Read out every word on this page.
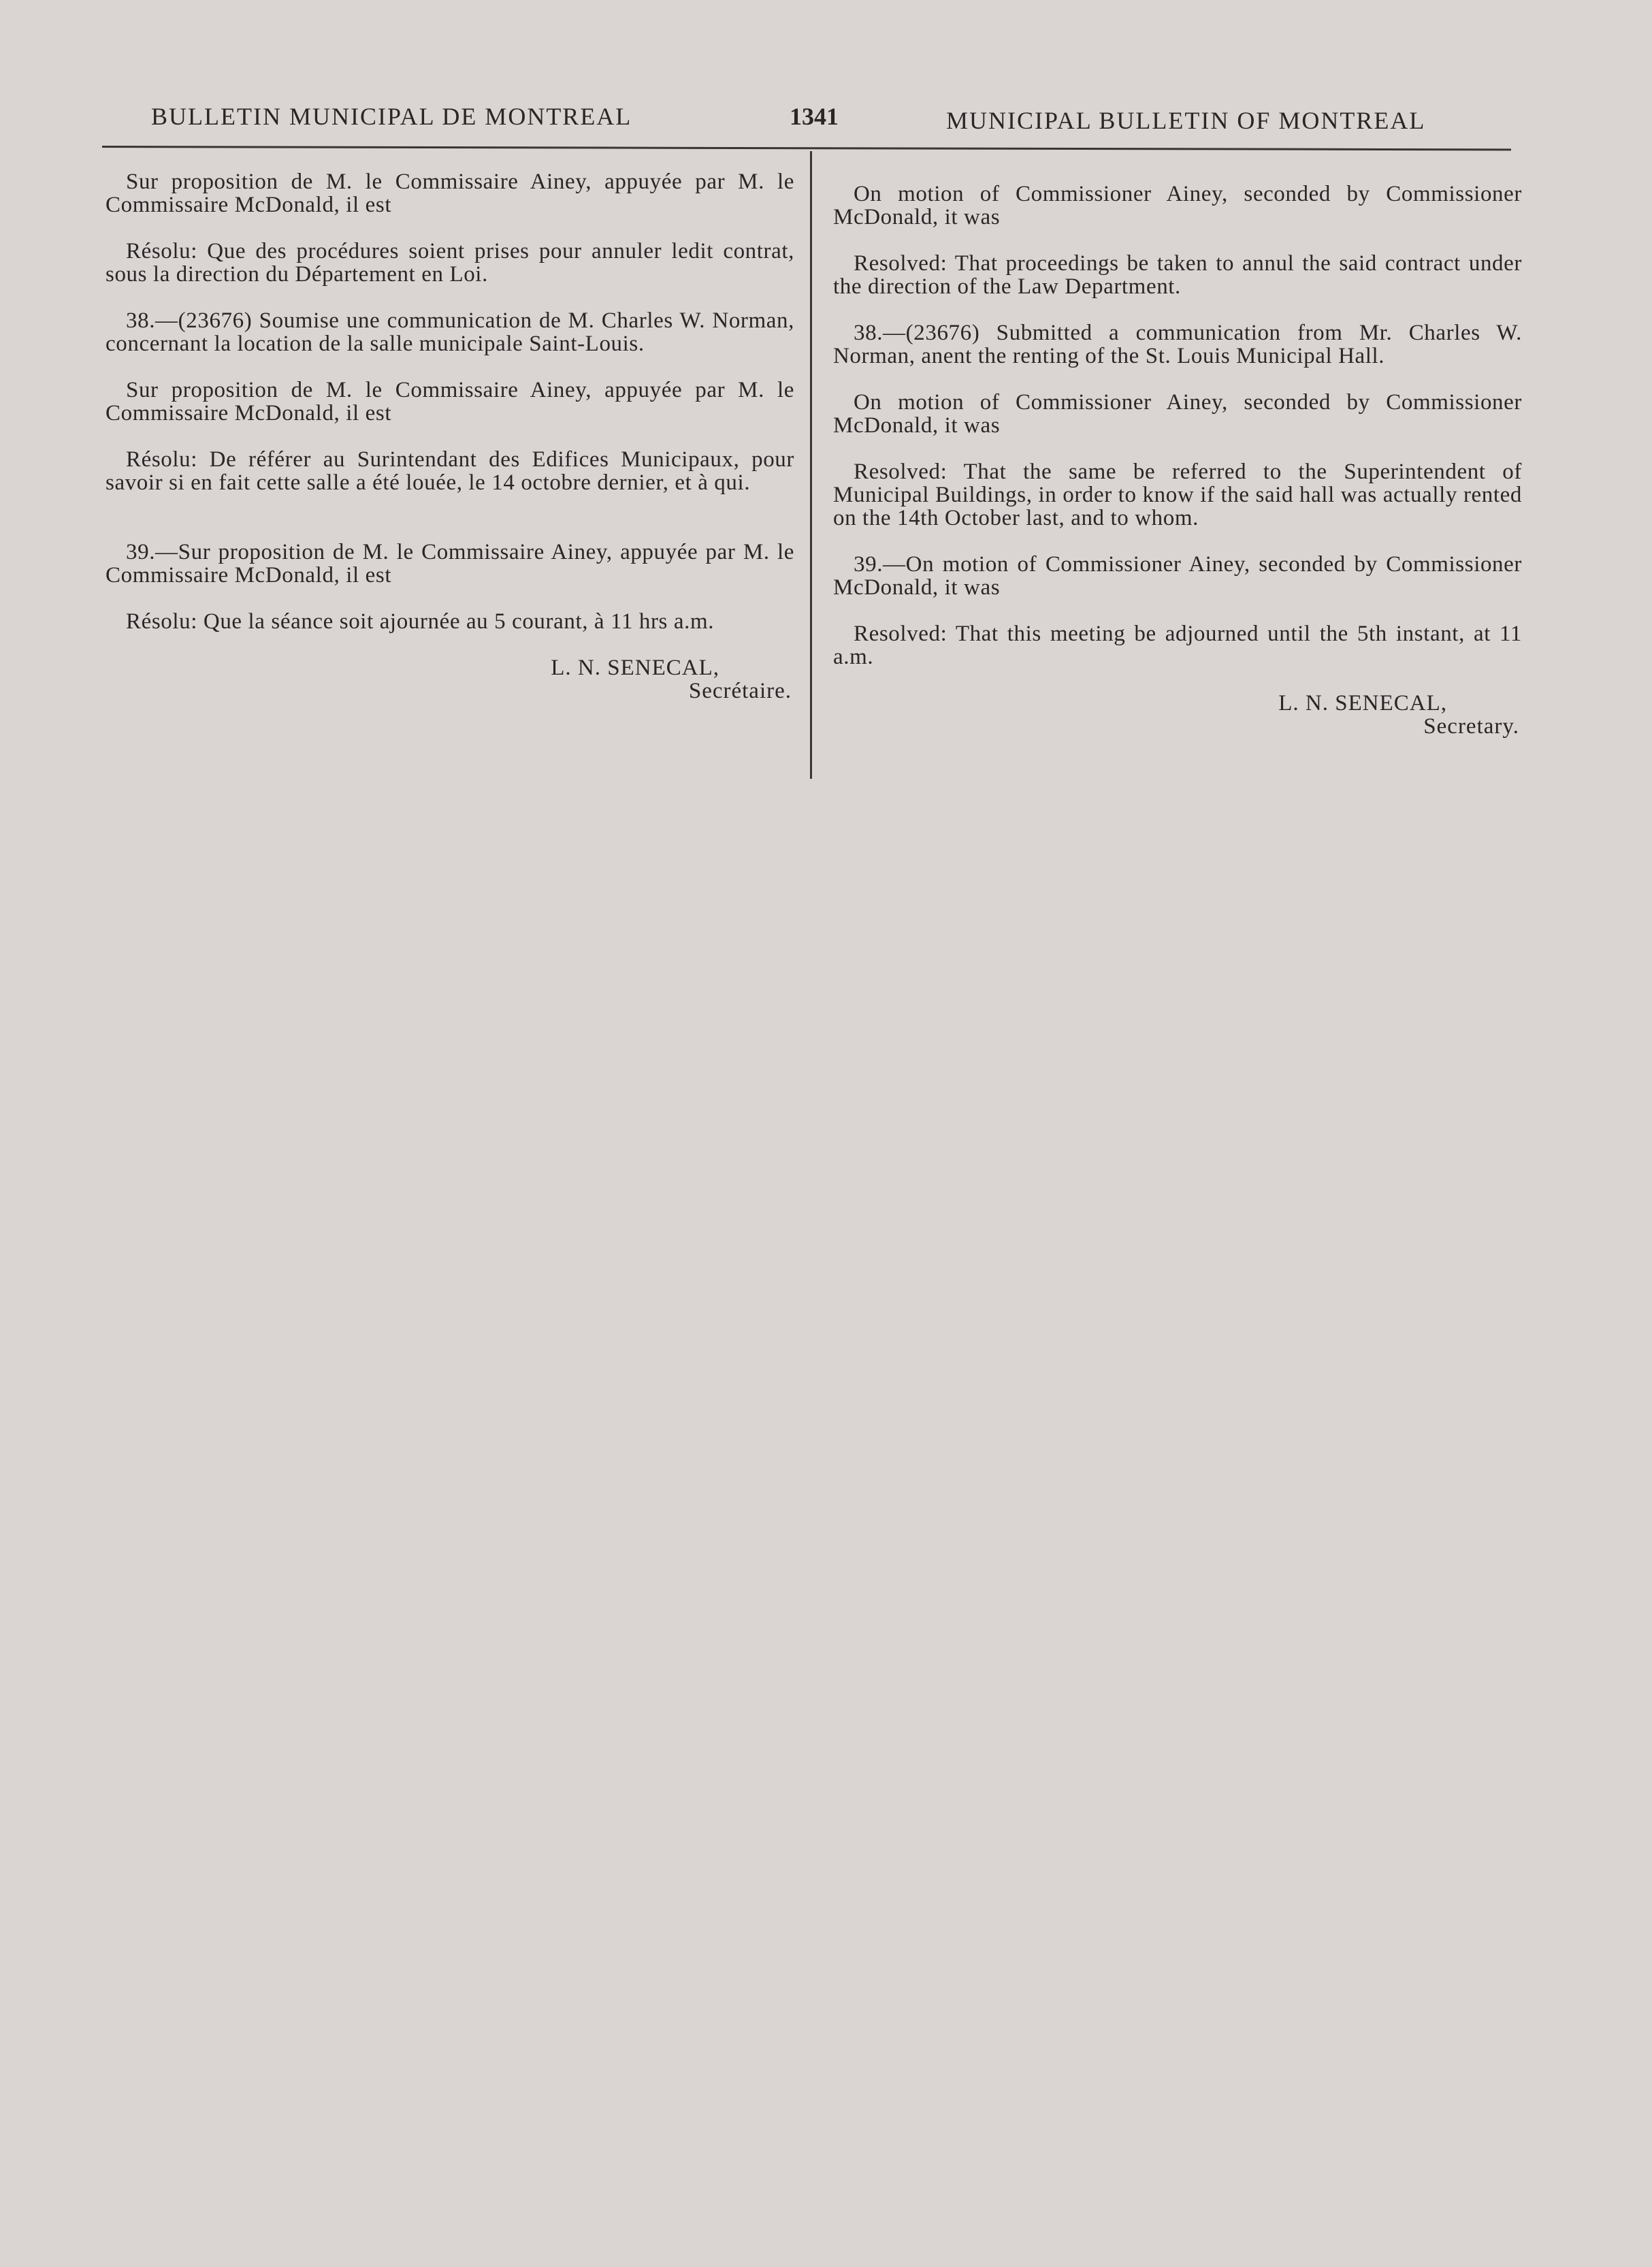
BULLETIN MUNICIPAL DE MONTREAL	1341	MUNICIPAL BULLETIN OF MONTREAL

Sur proposition de M. le Commissaire Ainey, appuyée par M. le Commissaire McDonald, il est

Résolu: Que des procédures soient prises pour annuler ledit contrat, sous la direction du Département en Loi.

38.—(23676) Soumise une communication de M. Charles W. Norman, concernant la location de la salle municipale Saint-Louis.

Sur proposition de M. le Commissaire Ainey, appuyée par M. le Commissaire McDonald, il est

Résolu: De référer au Surintendant des Edifices Municipaux, pour savoir si en fait cette salle a été louée, le 14 octobre dernier, et à qui.

39.—Sur proposition de M. le Commissaire Ainey, appuyée par M. le Commissaire McDonald, il est

Résolu: Que la séance soit ajournée au 5 courant, à 11 hrs a.m.

L. N. SENECAL,
Secrétaire.

On motion of Commissioner Ainey, seconded by Commissioner McDonald, it was

Resolved: That proceedings be taken to annul the said contract under the direction of the Law Department.

38.—(23676) Submitted a communication from Mr. Charles W. Norman, anent the renting of the St. Louis Municipal Hall.

On motion of Commissioner Ainey, seconded by Commissioner McDonald, it was

Resolved: That the same be referred to the Superintendent of Municipal Buildings, in order to know if the said hall was actually rented on the 14th October last, and to whom.

39.—On motion of Commissioner Ainey, seconded by Commissioner McDonald, it was

Resolved: That this meeting be adjourned until the 5th instant, at 11 a.m.

L. N. SENECAL,
Secretary.
